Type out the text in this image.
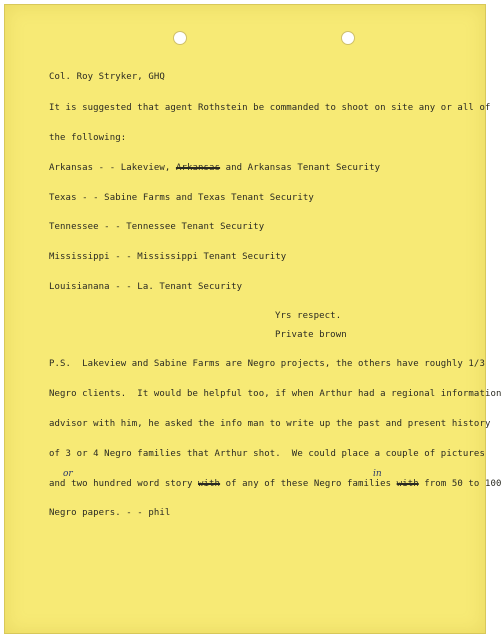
Col. Roy Stryker, GHQ
It is suggested that agent Rothstein be commanded to shoot on site any or all of
the following:
Arkansas - - Lakeview, Arkansas and Arkansas Tenant Security
Texas - - Sabine Farms and Texas Tenant Security
Tennessee - - Tennessee Tenant Security
Mississippi - - Mississippi Tenant Security
Louisianana - - La. Tenant Security
Yrs respect.
Private brown
P.S.  Lakeview and Sabine Farms are Negro projects, the others have roughly 1/3
Negro clients.  It would be helpful too, if when Arthur had a regional information
advisor with him, he asked the info man to write up the past and present history
of 3 or 4 Negro families that Arthur shot.  We could place a couple of pictures
or	in
and two hundred word story with of any of these Negro families with from 50 to 100
Negro papers. - - phil
